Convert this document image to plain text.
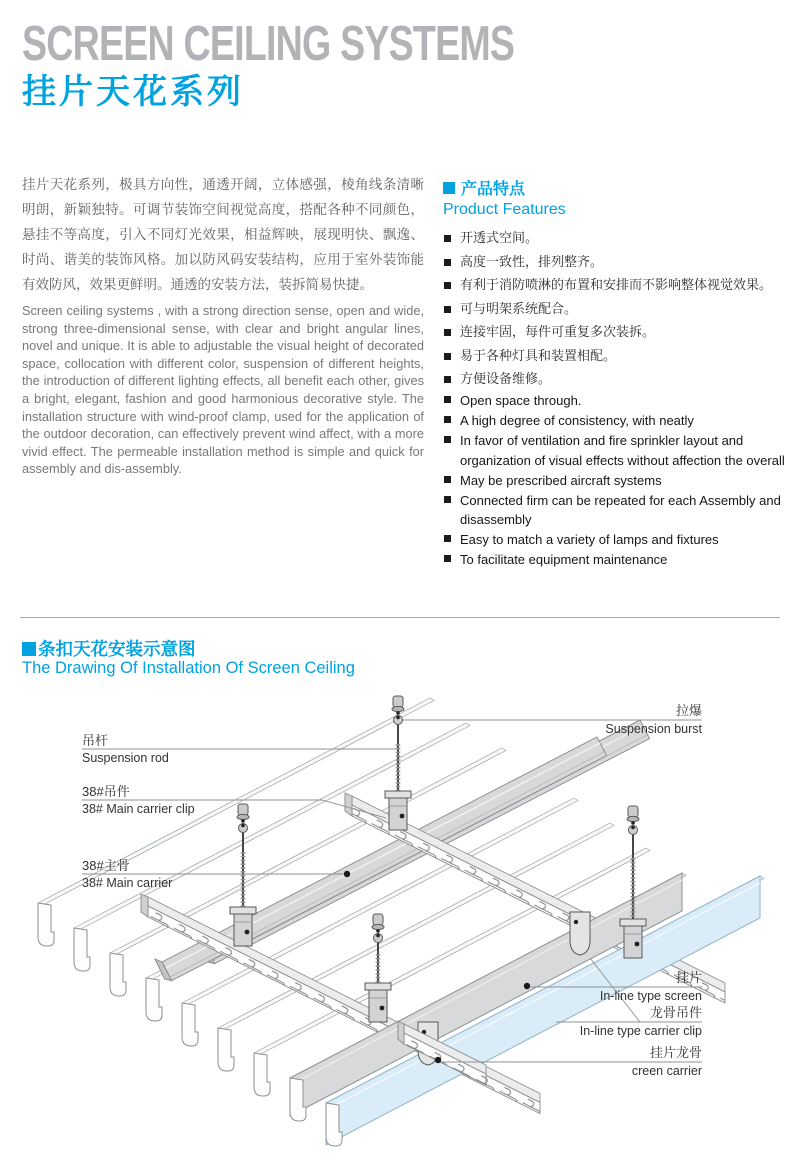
SCREEN CEILING SYSTEMS
挂片天花系列
挂片天花系列，极具方向性，通透开阔，立体感强，棱角线条清晰明朗，新颖独特。可调节装饰空间视觉高度，搭配各种不同颜色，悬挂不等高度，引入不同灯光效果，相益辉映，展现明快、飘逸、时尚、谐美的装饰风格。加以防风码安装结构，应用于室外装饰能有效防风，效果更鲜明。通透的安装方法，装拆简易快捷。
Screen ceiling systems , with a strong direction sense, open and wide, strong three-dimensional sense, with clear and bright angular lines, novel and unique. It is able to adjustable the visual height of decorated space, collocation with different color, suspension of different heights, the introduction of different lighting effects, all benefit each other, gives a bright, elegant, fashion and good harmonious decorative style. The installation structure with wind-proof clamp, used for the application of the outdoor decoration, can effectively prevent wind affect, with a more vivid effect. The permeable installation method is simple and quick for assembly and dis-assembly.
产品特点
Product Features
开透式空间。
高度一致性，排列整齐。
有利于消防喷淋的布置和安排而不影响整体视觉效果。
可与明架系统配合。
连接牢固，每件可重复多次装拆。
易于各种灯具和装置相配。
方便设备维修。
Open space through.
A high degree of consistency, with neatly
In favor of ventilation and fire sprinkler layout and organization of visual effects without affection the overall
May be prescribed aircraft systems
Connected firm can be repeated for each Assembly and disassembly
Easy to match a variety of lamps and fixtures
To facilitate equipment maintenance
条扣天花安装示意图
The Drawing Of Installation Of Screen Ceiling
吊杆
Suspension rod
38#吊件
38# Main carrier clip
38#主骨
38# Main carrier
拉爆
Suspension burst
挂片
In-line type screen
龙骨吊件
In-line type carrier clip
挂片龙骨
creen carrier
